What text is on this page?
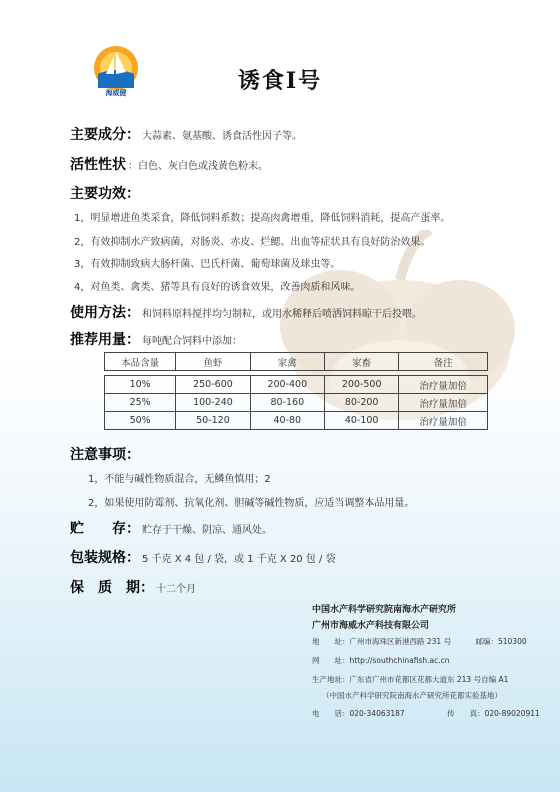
海威健	诱食Ⅰ号
主要成分： 大蒜素、氨基酸、诱食活性因子等。
活性性状 ：白色、灰白色或浅黄色粉末。
主要功效：
1，明显增进鱼类采食，降低饲料系数；提高肉禽增重，降低饲料消耗，提高产蛋率。
2，有效抑制水产致病菌，对肠炎、赤皮、烂鳃、出血等症状具有良好防治效果。
3，有效抑制致病大肠杆菌、巴氏杆菌、葡萄球菌及球虫等。
4，对鱼类、禽类、猪等具有良好的诱食效果，改善肉质和风味。
使用方法： 和饲料原料搅拌均匀制粒，或用水稀释后喷洒饲料晾干后投喂。
推荐用量： 每吨配合饲料中添加：
本品含量	鱼虾	家禽	家畜	备注

10%	250-600	200-400	200-500	治疗量加倍
25%	100-240	80-160	80-200	治疗量加倍
50%	50-120	40-80	40-100	治疗量加倍
注意事项：
1，不能与碱性物质混合，无鳞鱼慎用；2
2，如果使用防霉剂、抗氧化剂、胆碱等碱性物质，应适当调整本品用量。
贮　　存： 贮存于干燥、阴凉、通风处。
包装规格： 5 千克 X 4 包 / 袋，或 1 千克 X 20 包 / 袋
保　质　期： 十二个月
中国水产科学研究院南海水产研究所
广州市海威水产科技有限公司
地　　址：广州市海珠区新港西路 231 号	邮编：510300
网　　址：http://southchinafish.ac.cn
生产地址：广东省广州市花都区花都大道东 213 号自编 A1
（中国水产科学研究院南海水产研究所花都实验基地）
电　　话：020-34063187	传　　真：020-89020911
